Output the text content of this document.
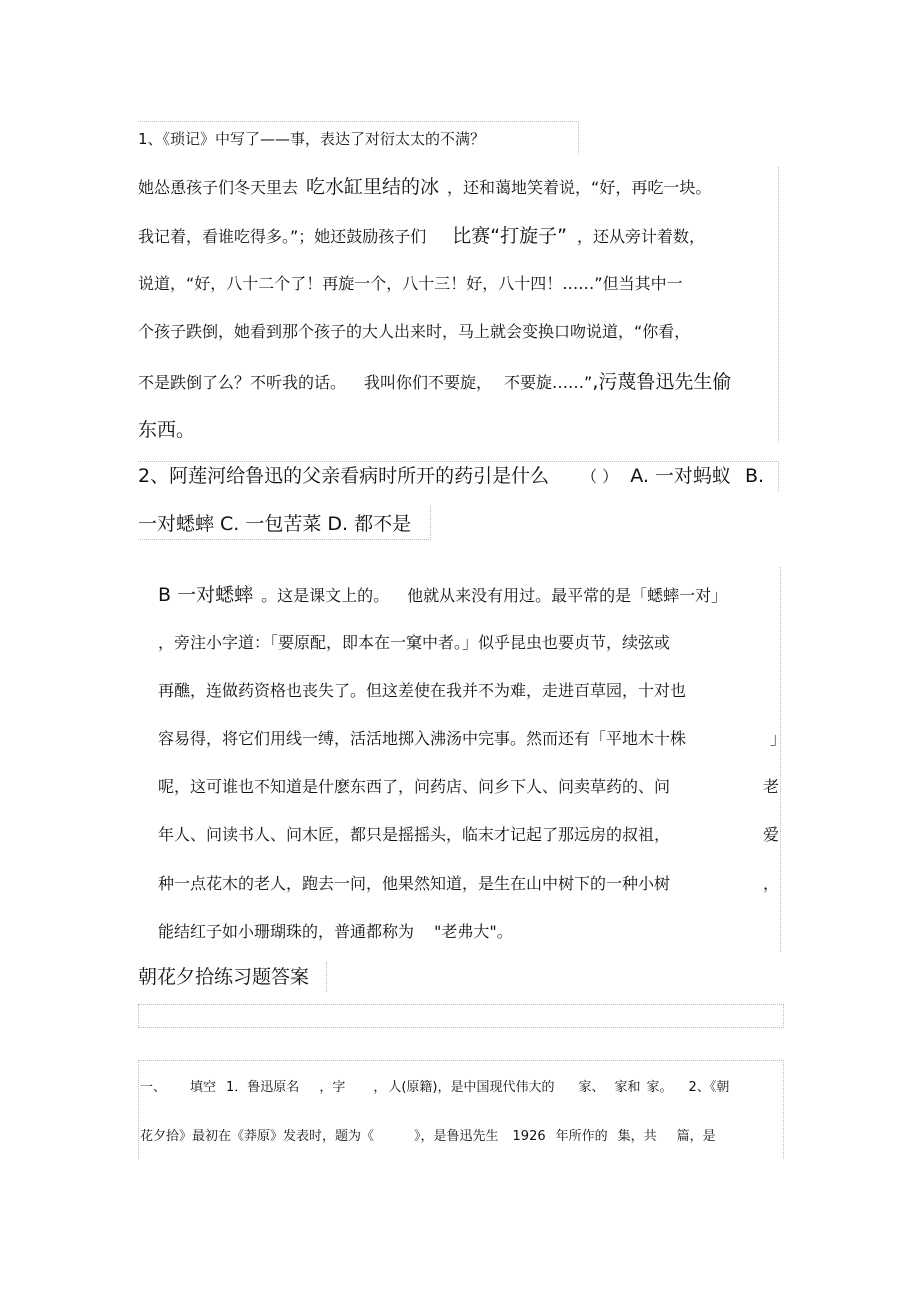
1、《琐记》中写了——事，表达了对衍太太的不满？
她怂恿孩子们冬天里去 吃水缸里结的冰 ，还和蔼地笑着说，“好，再吃一块。
我记着，看谁吃得多。”；她还鼓励孩子们 比赛“打旋子” ，还从旁计着数，
说道，“好，八十二个了！再旋一个，八十三！好，八十四！……”但当其中一
个孩子跌倒，她看到那个孩子的大人出来时，马上就会变换口吻说道，“你看，
不是跌倒了么？不听我的话。 我叫你们不要旋， 不要旋……”,污蔑鲁迅先生偷
东西。
2、阿莲河给鲁迅的父亲看病时所开的药引是什么 （ ） A. 一对蚂蚁 B.
一对蟋蟀 C. 一包苦菜 D. 都不是
B 一对蟋蟀 。这是课文上的。 他就从来没有用过。最平常的是「蟋蟀一对」
，旁注小字道：「要原配，即本在一窠中者。」似乎昆虫也要贞节，续弦或
再醮，连做药资格也丧失了。但这差使在我并不为难，走进百草园，十对也
容易得，将它们用线一缚，活活地掷入沸汤中完事。然而还有「平地木十株	」
呢，这可谁也不知道是什麽东西了，问药店、问乡下人、问卖草药的、问	老
年人、问读书人、问木匠，都只是摇摇头，临末才记起了那远房的叔祖，	爱
种一点花木的老人，跑去一问，他果然知道，是生在山中树下的一种小树	，
能结红子如小珊瑚珠的，普通都称为 "老弗大"。
朝花夕拾练习题答案
一、 填空 1．鲁迅原名 ，字 ， 人(原籍)，是中国现代伟大的 家、 家和 家。 2、《朝
花夕拾》最初在《莽原》发表时，题为《	》，是鲁迅先生 1926 年所作的 集，共 篇，是
